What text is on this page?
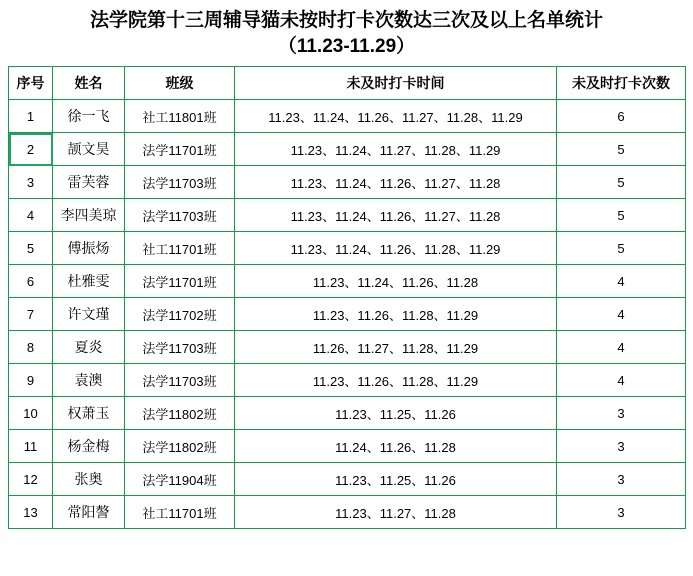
法学院第十三周辅导猫未按时打卡次数达三次及以上名单统计
（11.23-11.29）
序号	姓名	班级	未及时打卡时间	未及时打卡次数
1	徐一飞	社工11801班	11.23、11.24、11.26、11.27、11.28、11.29	6
2	颉文昊	法学11701班	11.23、11.24、11.27、11.28、11.29	5
3	雷芙蓉	法学11703班	11.23、11.24、11.26、11.27、11.28	5
4	李四美琼	法学11703班	11.23、11.24、11.26、11.27、11.28	5
5	傅振炀	社工11701班	11.23、11.24、11.26、11.28、11.29	5
6	杜雅雯	法学11701班	11.23、11.24、11.26、11.28	4
7	许文瑾	法学11702班	11.23、11.26、11.28、11.29	4
8	夏炎	法学11703班	11.26、11.27、11.28、11.29	4
9	袁澳	法学11703班	11.23、11.26、11.28、11.29	4
10	权萧玉	法学11802班	11.23、11.25、11.26	3
11	杨金梅	法学11802班	11.24、11.26、11.28	3
12	张奥	法学11904班	11.23、11.25、11.26	3
13	常阳謷	社工11701班	11.23、11.27、11.28	3
